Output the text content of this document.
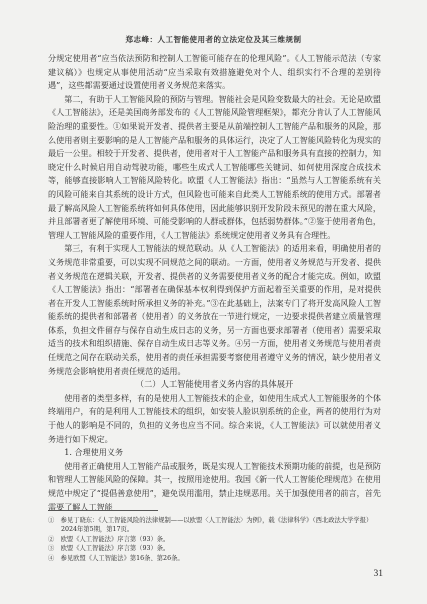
郑志峰：人工智能使用者的立法定位及其三维规制

分规定使用者“应当依法预防和控制人工智能可能存在的伦理风险”。《人工智能示范法（专家建议稿）》也规定从事使用活动“应当采取有效措施避免对个人、组织实行不合理的差别待遇”，这些都需要通过设置使用者义务规范来落实。

第二，有助于人工智能风险的预防与管理。智能社会是风险变数最大的社会。无论是欧盟《人工智能法》，还是美国商务部发布的《人工智能风险管理框架》，都充分肯认了人工智能风险治理的重要性。①如果说开发者、提供者主要是从前端控制人工智能产品和服务的风险，那么使用者则主要影响的是人工智能产品和服务的具体运行，决定了人工智能风险转化为现实的最后一公里。相较于开发者、提供者，使用者对于人工智能产品和服务具有直接的控制力，知晓定什么时候启用自动驾驶功能，哪些生成式人工智能哪些关键词、如何使用深度合成技术等，能够直接影响人工智能风险转化。欧盟《人工智能法》指出：“虽然与人工智能系统有关的风险可能来自其系统的设计方式，但风险也可能来自此类人工智能系统的使用方式。部署者最了解高风险人工智能系统将如何具体使用，因此能够识别开发阶段未预见的潜在重大风险，并且部署者更了解使用环境、可能受影响的人群或群体，包括弱势群体。”②鉴于使用者角色，管理人工智能风险的重要作用，《人工智能法》系统规定使用者义务具有合理性。

第三，有利于实现人工智能法的规范联动。从《人工智能法》的适用来看，明确使用者的义务规范非常重要，可以实现不同规范之间的联动。一方面，使用者义务规范与开发者、提供者义务规范在逻辑关联，开发者、提供者的义务需要使用者义务的配合才能完成。例如，欧盟《人工智能法》指出：“部署者在确保基本权利得到保护方面起着至关重要的作用，是对提供者在开发人工智能系统时所承担义务的补充。”③在此基础上，法案专门了将开发高风险人工智能系统的提供者和部署者（使用者）的义务放在一节进行规定，一边要求提供者建立质量管理体系，负担文件留存与保存自动生成日志的义务，另一方面也要求部署者（使用者）需要采取适当的技术和组织措施、保存自动生成日志等义务。④另一方面，使用者义务规范与使用者责任规范之间存在联动关系，使用者的责任承担需要考察使用者遵守义务的情况，缺少使用者义务规范会影响使用者责任规范的适用。

（二）人工智能使用者义务内容的具体展开

使用者的类型多样，有的是使用人工智能技术的企业，如使用生成式人工智能服务的个体终端用户，有的是利用人工智能技术的组织，如安装人脸识别系统的企业，两者的使用行为对于他人的影响是不同的，负担的义务也应当不同。综合来说，《人工智能法》可以就使用者义务进行如下规定。

1. 合理使用义务

使用者正确使用人工智能产品或服务，既是实现人工智能技术预期功能的前提，也是预防和管理人工智能风险的保障。其一，按照用途使用。我国《新一代人工智能伦理规范》在使用规范中规定了“提倡善意使用”，避免误用滥用，禁止违规恶用。关于加强使用者的前言，首先需要了解人工智能

①　参见丁晓东：《人工智能风险的法律规制——以欧盟〈人工智能法〉为例》，载《法律科学》（西北政法大学学报）2024年第5期，第17页。

②　欧盟《人工智能法》序言第（93）条。

③　欧盟《人工智能法》序言第（93）条。

④　参见欧盟《人工智能法》第16条、第26条。

31
